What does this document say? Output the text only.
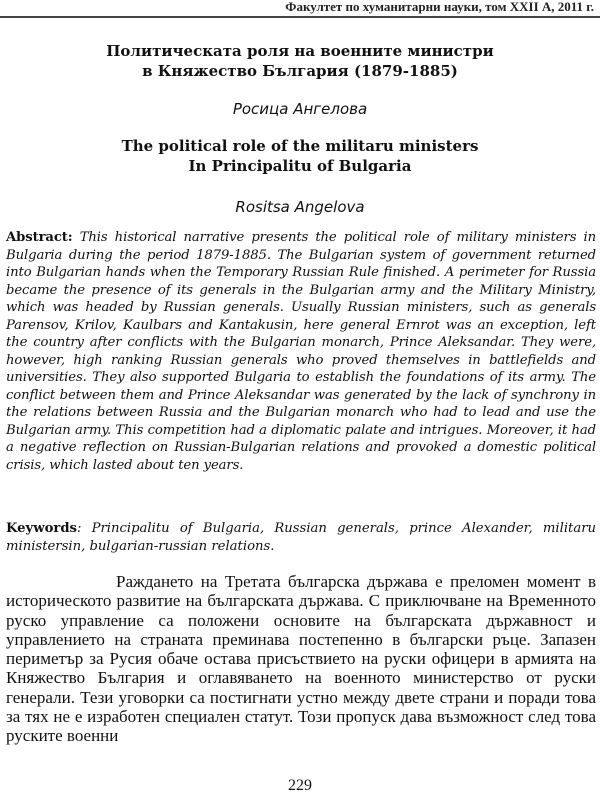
Факултет по хуманитарни науки, том XXII А, 2011 г.
Политическата роля на военните министри
в Княжество България (1879-1885)
Росица Ангелова
The political role of the militaru ministers
In Principalitu of Bulgaria
Rositsa Angelova
Abstract: This historical narrative presents the political role of military ministers in Bulgaria during the period 1879-1885. The Bulgarian system of government returned into Bulgarian hands when the Temporary Russian Rule finished. A perimeter for Russia became the presence of its generals in the Bulgarian army and the Military Ministry, which was headed by Russian generals. Usually Russian ministers, such as generals Parensov, Krilov, Kaulbars and Kantakusin, here general Ernrot was an exception, left the country after conflicts with the Bulgarian monarch, Prince Aleksandar. They were, however, high ranking Russian generals who proved themselves in battlefields and universities. They also supported Bulgaria to establish the foundations of its army. The conflict between them and Prince Aleksandar was generated by the lack of synchrony in the relations between Russia and the Bulgarian monarch who had to lead and use the Bulgarian army. This competition had a diplomatic palate and intrigues. Moreover, it had a negative reflection on Russian-Bulgarian relations and provoked a domestic political crisis, which lasted about ten years.
Keywords: Principalitu of Bulgaria, Russian generals, prince Alexander, militaru ministersin, bulgarian-russian relations.
Раждането на Третата българска държава е преломен момент в историческото развитие на българската държава. С приключване на Временното руско управление са положени основите на българската държавност и управлението на страната преминава постепенно в български ръце. Запазен периметър за Русия обаче остава присъствието на руски офицери в армията на Княжество България и оглавяването на военното министерство от руски генерали. Тези уговорки са постигнати устно между двете страни и поради това за тях не е изработен специален статут. Този пропуск дава възможност след това руските военни
229
